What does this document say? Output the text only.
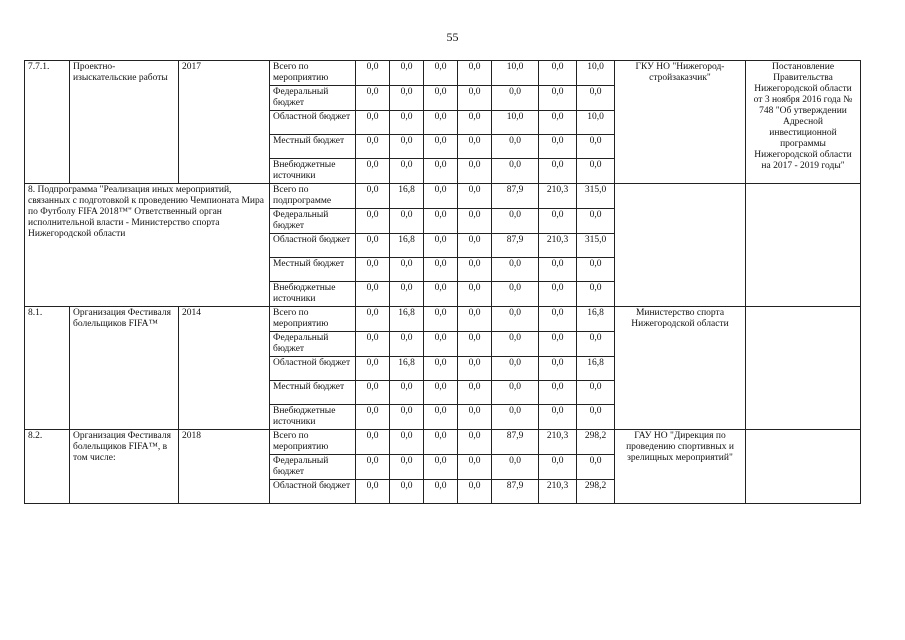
55
7.7.1.	Проектно-изыскательские работы	2017	Всего по мероприятию	0,0	0,0	0,0	0,0	10,0	0,0	10,0	ГКУ НО "Нижегород-стройзаказчик"	Постановление Правительства Нижегородской области от 3 ноября 2016 года № 748 "Об утверждении Адресной инвестиционной программы Нижегородской области на 2017 - 2019 годы"
			Федеральный бюджет	0,0	0,0	0,0	0,0	0,0	0,0	0,0		
			Областной бюджет	0,0	0,0	0,0	0,0	10,0	0,0	10,0		
			Местный бюджет	0,0	0,0	0,0	0,0	0,0	0,0	0,0		
			Внебюджетные источники	0,0	0,0	0,0	0,0	0,0	0,0	0,0		
8. Подпрограмма "Реализация иных мероприятий, связанных с подготовкой к проведению Чемпионата Мира по Футболу FIFA 2018™" Ответственный орган исполнительной власти - Министерство спорта Нижегородской области			Всего по подпрограмме	0,0	16,8	0,0	0,0	87,9	210,3	315,0		
			Федеральный бюджет	0,0	0,0	0,0	0,0	0,0	0,0	0,0		
			Областной бюджет	0,0	16,8	0,0	0,0	87,9	210,3	315,0		
			Местный бюджет	0,0	0,0	0,0	0,0	0,0	0,0	0,0		
			Внебюджетные источники	0,0	0,0	0,0	0,0	0,0	0,0	0,0		
8.1.	Организация Фестиваля болельщиков FIFA™	2014	Всего по мероприятию	0,0	16,8	0,0	0,0	0,0	0,0	16,8	Министерство спорта Нижегородской области	
			Федеральный бюджет	0,0	0,0	0,0	0,0	0,0	0,0	0,0		
			Областной бюджет	0,0	16,8	0,0	0,0	0,0	0,0	16,8		
			Местный бюджет	0,0	0,0	0,0	0,0	0,0	0,0	0,0		
			Внебюджетные источники	0,0	0,0	0,0	0,0	0,0	0,0	0,0		
8.2.	Организация Фестиваля болельщиков FIFA™, в том числе:	2018	Всего по мероприятию	0,0	0,0	0,0	0,0	87,9	210,3	298,2	ГАУ НО "Дирекция по проведению спортивных и зрелищных мероприятий"	
			Федеральный бюджет	0,0	0,0	0,0	0,0	0,0	0,0	0,0		
			Областной бюджет	0,0	0,0	0,0	0,0	87,9	210,3	298,2		
